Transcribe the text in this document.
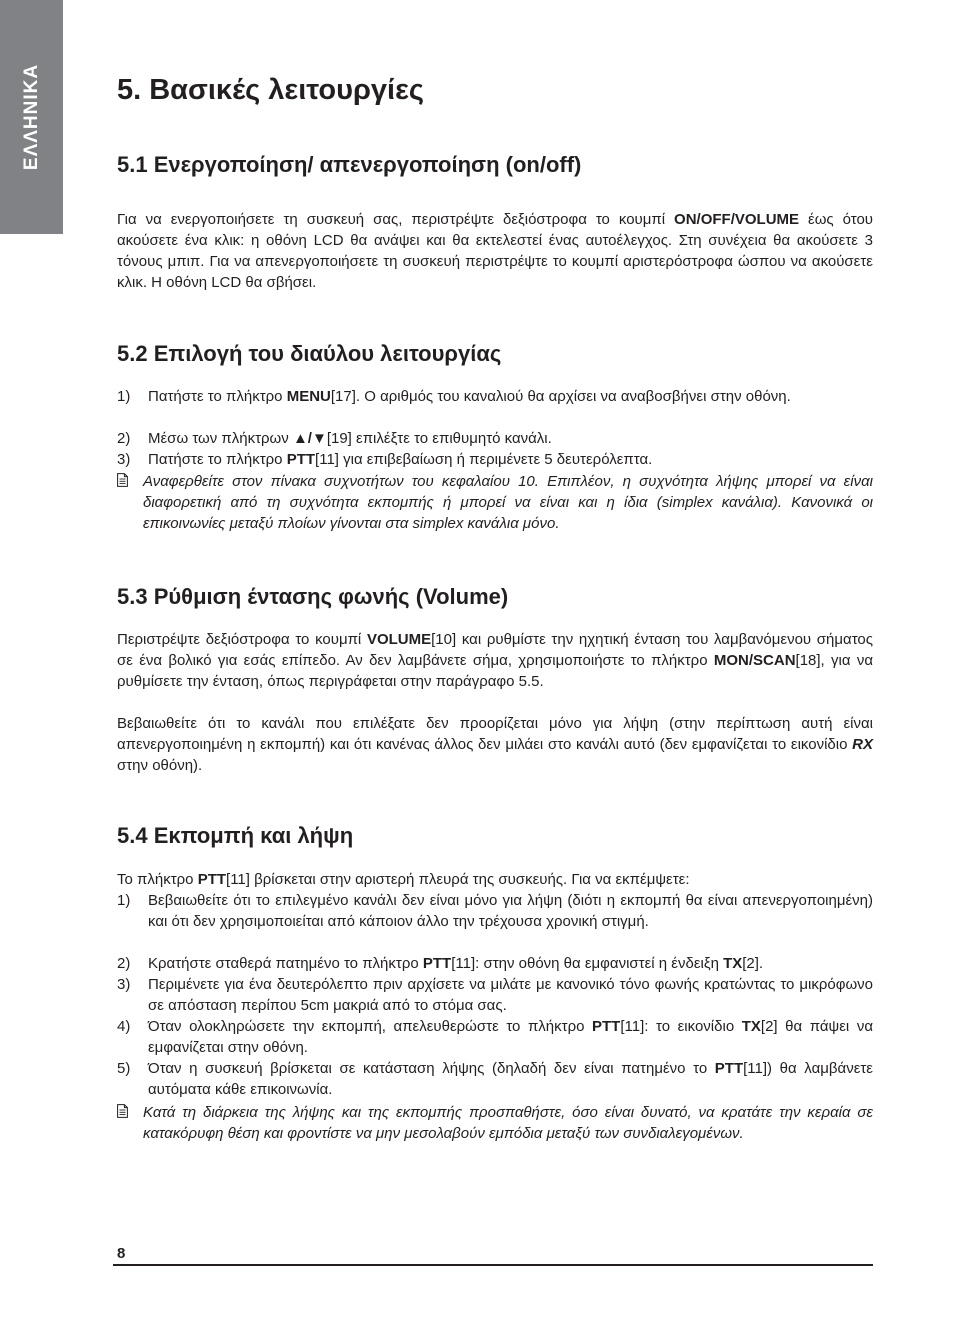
ΕΛΛΗΝΙΚΑ	5. Βασικές λειτουργίες
5.1 Ενεργοποίηση/ απενεργοποίηση (on/off)

Για να ενεργοποιήσετε τη συσκευή σας, περιστρέψτε δεξιόστροφα το κουμπί ON/OFF/VOLUME έως ότου ακούσετε ένα κλικ: η οθόνη LCD θα ανάψει και θα εκτελεστεί ένας αυτοέλεγχος. Στη συνέχεια θα ακούσετε 3 τόνους μπιπ. Για να απενεργοποιήσετε τη συσκευή περιστρέψτε το κουμπί αριστερόστροφα ώσπου να ακούσετε κλικ. Η οθόνη LCD θα σβήσει.

5.2 Επιλογή του διαύλου λειτουργίας
1) Πατήστε το πλήκτρο MENU[17]. Ο αριθμός του καναλιού θα αρχίσει να αναβοσβήνει στην οθόνη.
2) Μέσω των πλήκτρων ▲/▼[19] επιλέξτε το επιθυμητό κανάλι.
3) Πατήστε το πλήκτρο PTT[11] για επιβεβαίωση ή περιμένετε 5 δευτερόλεπτα.
Αναφερθείτε στον πίνακα συχνοτήτων του κεφαλαίου 10. Επιπλέον, η συχνότητα λήψης μπορεί να είναι διαφορετική από τη συχνότητα εκπομπής ή μπορεί να είναι και η ίδια (simplex κανάλια). Κανονικά οι επικοινωνίες μεταξύ πλοίων γίνονται στα simplex κανάλια μόνο.
5.3 Ρύθμιση έντασης φωνής (Volume)

Περιστρέψτε δεξιόστροφα το κουμπί VOLUME[10] και ρυθμίστε την ηχητική ένταση του λαμβανόμενου σήματος σε ένα βολικό για εσάς επίπεδο. Αν δεν λαμβάνετε σήμα, χρησιμοποιήστε το πλήκτρο MON/SCAN[18], για να ρυθμίσετε την ένταση, όπως περιγράφεται στην παράγραφο 5.5.

Βεβαιωθείτε ότι το κανάλι που επιλέξατε δεν προορίζεται μόνο για λήψη (στην περίπτωση αυτή είναι απενεργοποιημένη η εκπομπή) και ότι κανένας άλλος δεν μιλάει στο κανάλι αυτό (δεν εμφανίζεται το εικονίδιο RX στην οθόνη).

5.4 Εκπομπή και λήψη

Το πλήκτρο PTT[11] βρίσκεται στην αριστερή πλευρά της συσκευής. Για να εκπέμψετε:

1) Βεβαιωθείτε ότι το επιλεγμένο κανάλι δεν είναι μόνο για λήψη (διότι η εκπομπή θα είναι απενεργοποιημένη) και ότι δεν χρησιμοποιείται από κάποιον άλλο την τρέχουσα χρονική στιγμή.
2) Κρατήστε σταθερά πατημένο το πλήκτρο PTT[11]: στην οθόνη θα εμφανιστεί η ένδειξη TX[2].
3) Περιμένετε για ένα δευτερόλεπτο πριν αρχίσετε να μιλάτε με κανονικό τόνο φωνής κρατώντας το μικρόφωνο σε απόσταση περίπου 5cm μακριά από το στόμα σας.
4) Όταν ολοκληρώσετε την εκπομπή, απελευθερώστε το πλήκτρο PTT[11]: το εικονίδιο TX[2] θα πάψει να εμφανίζεται στην οθόνη.
5) Όταν η συσκευή βρίσκεται σε κατάσταση λήψης (δηλαδή δεν είναι πατημένο το PTT[11]) θα λαμβάνετε αυτόματα κάθε επικοινωνία.
Κατά τη διάρκεια της λήψης και της εκπομπής προσπαθήστε, όσο είναι δυνατό, να κρατάτε την κεραία σε κατακόρυφη θέση και φροντίστε να μην μεσολαβούν εμπόδια μεταξύ των συνδιαλεγομένων.
8
